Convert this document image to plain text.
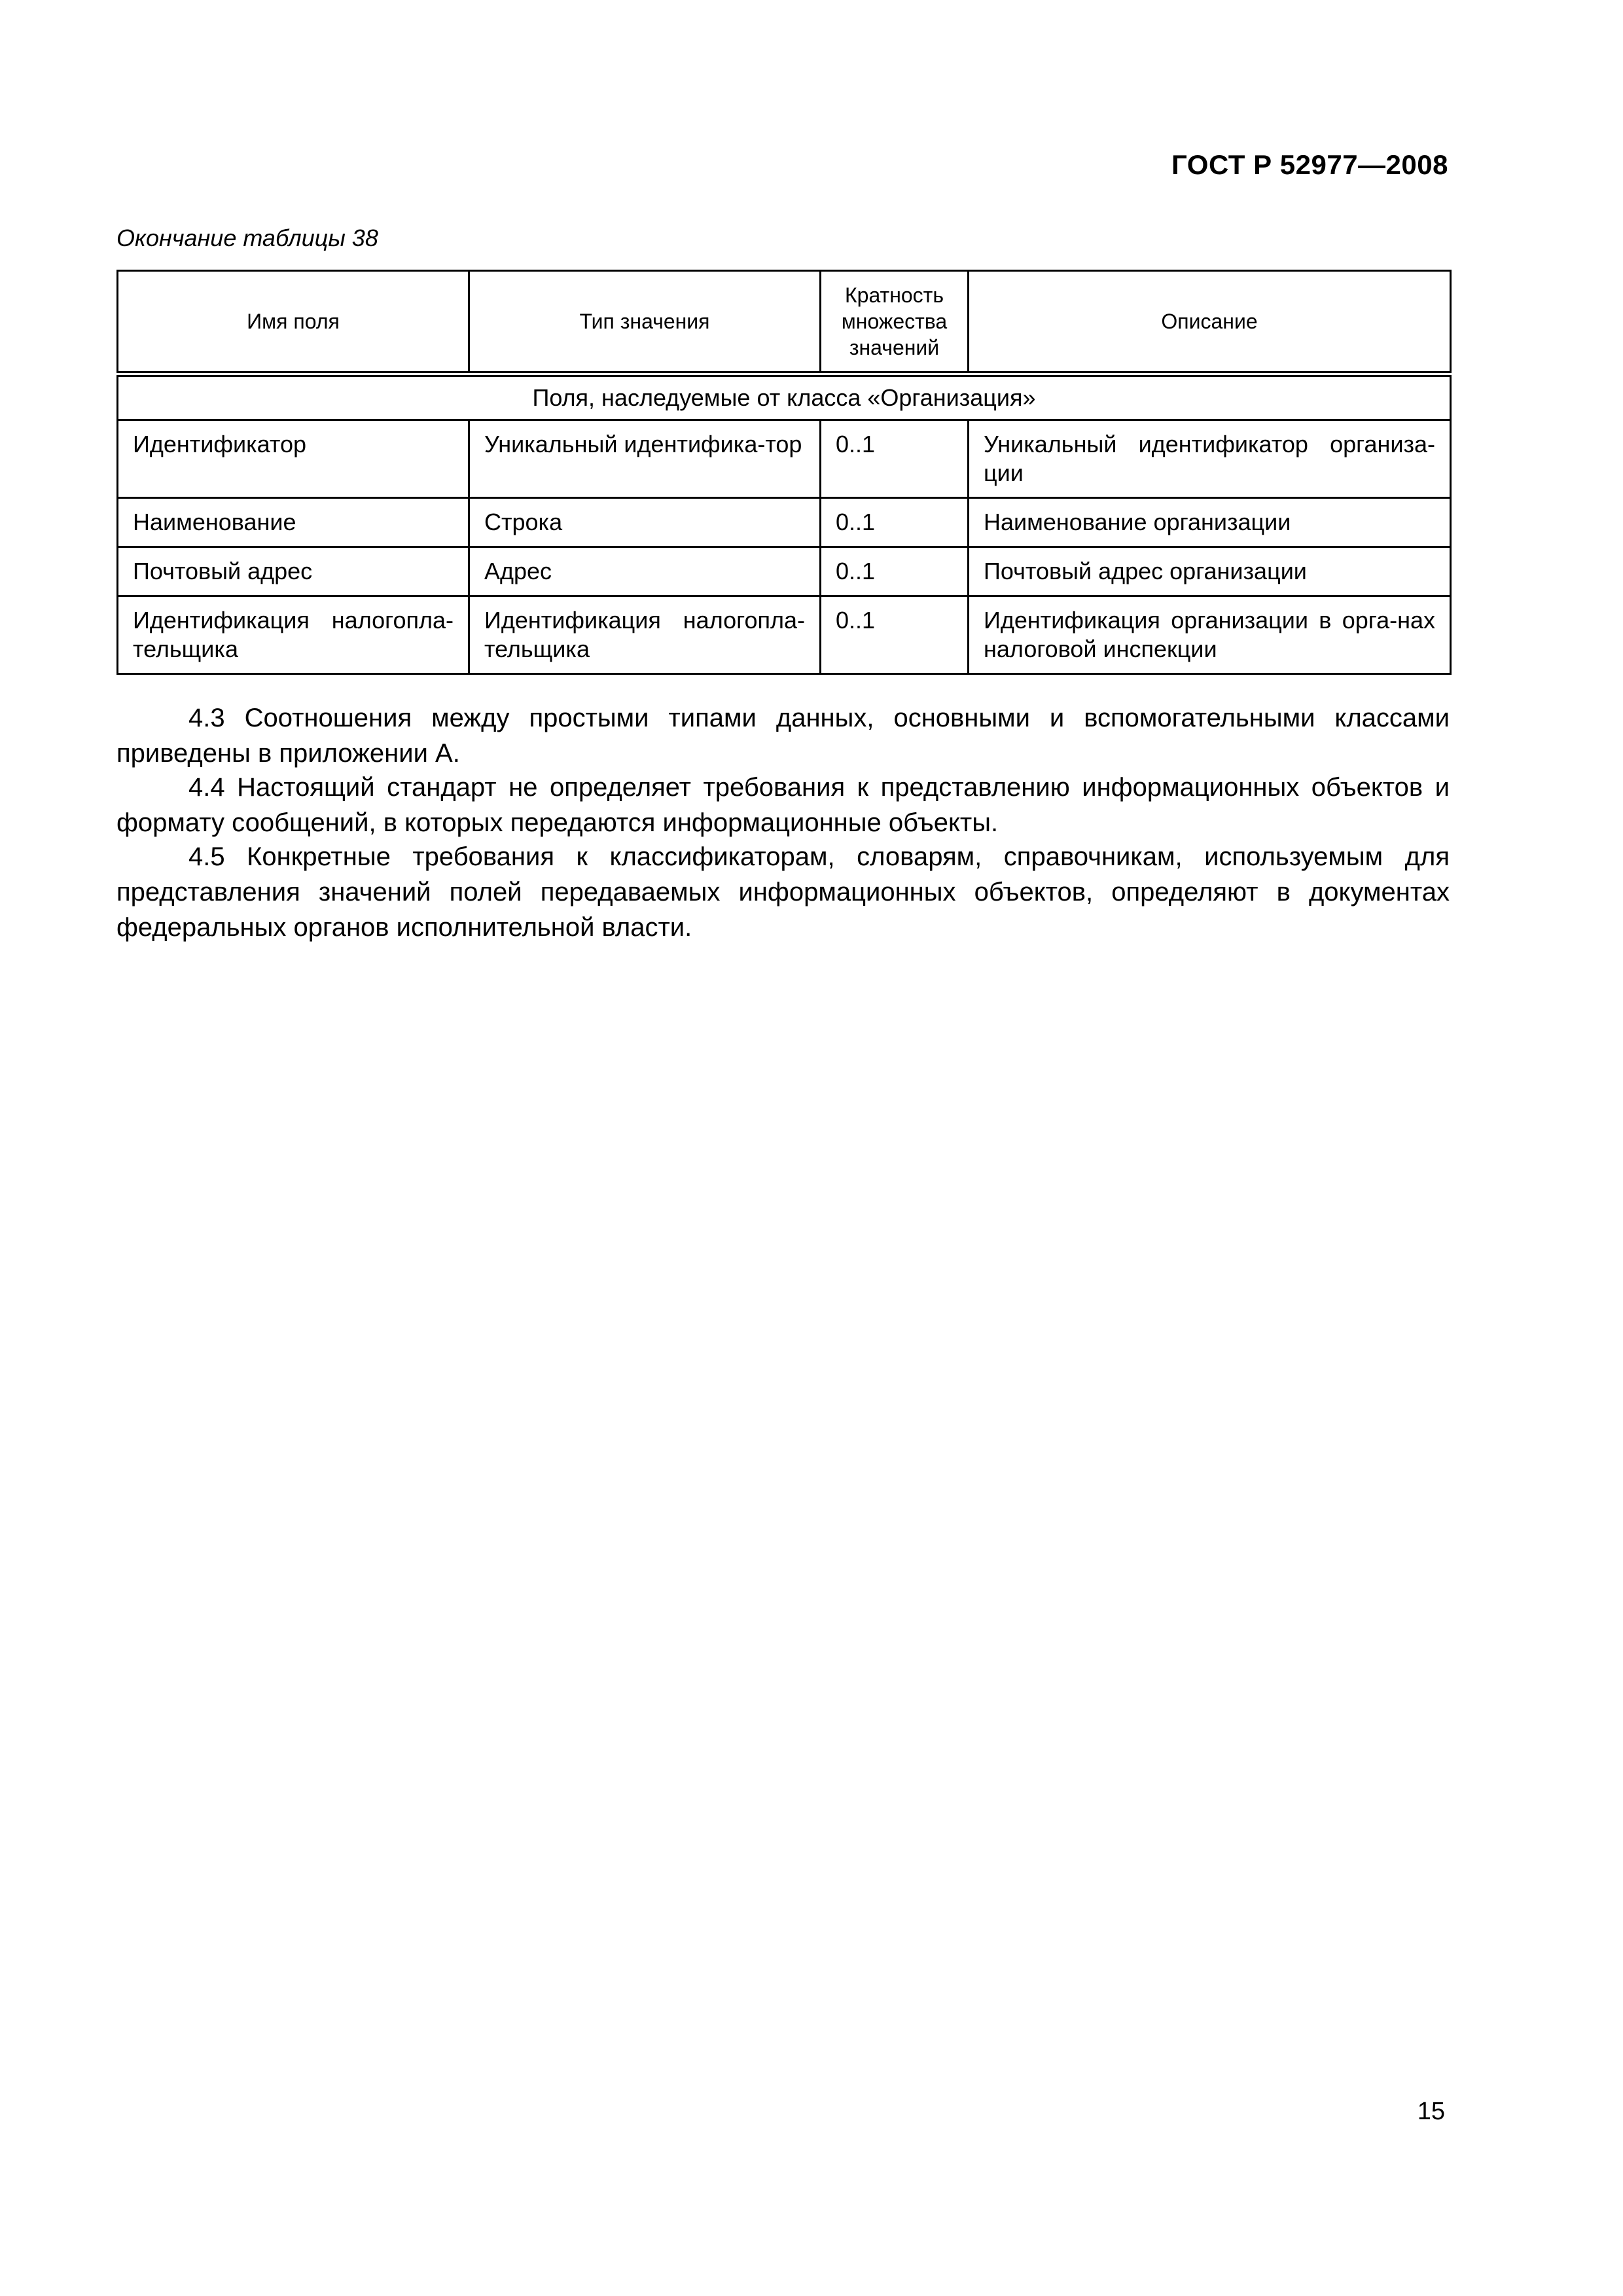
ГОСТ Р 52977—2008
Окончание таблицы 38
Имя поля	Тип значения	Кратность множества значений	Описание
Поля, наследуемые от класса «Организация»			
Идентификатор	Уникальный идентифика-тор	0..1	Уникальный идентификатор организа-ции
Наименование	Строка	0..1	Наименование организации
Почтовый адрес	Адрес	0..1	Почтовый адрес организации
Идентификация налогопла-тельщика	Идентификация налогопла-тельщика	0..1	Идентификация организации в орга-нах налоговой инспекции

4.3 Соотношения между простыми типами данных, основными и вспомогательными классами приведены в приложении А.

4.4 Настоящий стандарт не определяет требования к представлению информационных объектов и формату сообщений, в которых передаются информационные объекты.

4.5 Конкретные требования к классификаторам, словарям, справочникам, используемым для представления значений полей передаваемых информационных объектов, определяют в документах федеральных органов исполнительной власти.

15
